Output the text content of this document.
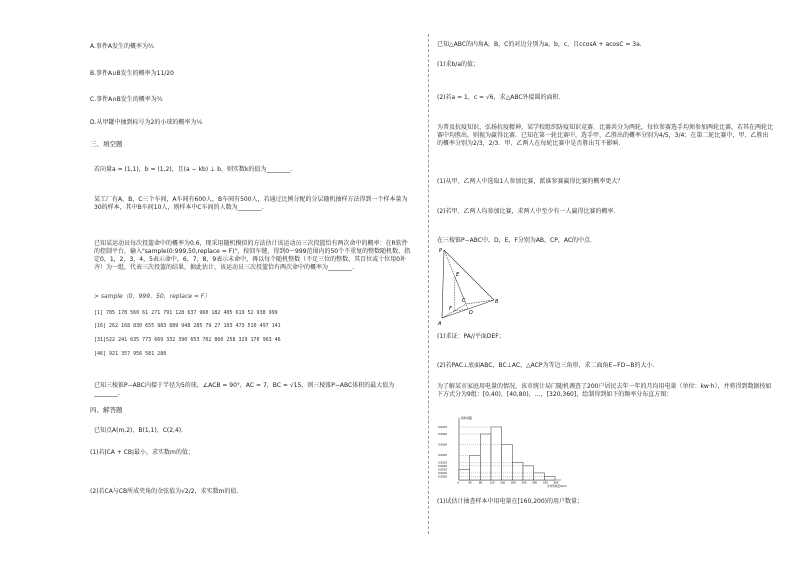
A.事件A发生的概率为⅖
B.事件A∪B发生的概率为11/20
C.事件A∩B发生的概率为⅖
D.从甲罐中抽到标号为2的小球的概率为⅕
三、填空题
若向量a = (1,1)，b = (1,2)，且(a − kb) ⊥ b，则实数k的值为________.
某工厂有A，B，C三个车间，A车间有600人，B车间有500人，若通过比例分配的分层随机抽样方法得到一个样本量为30的样本，其中B车间10人，则样本中C车间的人数为________.
已知某运动员每次投篮命中的概率为0.6，现采用随机模拟的方法估计该运动员三次投篮恰有两次命中的概率：在R软件的控制平台，输入"sample(0:999,50,replace = F)"，按回车键，得到0～999范围内的50个不重复的整数随机数，指定0，1，2，3，4，5表示命中，6，7，8，9表示未命中，再以每个随机整数（不足三位的整数，其百位或十位用0补齐）为一组，代表三次投篮的结果，据此估计，该运动员三次投篮恰有两次命中的概率为________.
> sample（0，999，50，replace = F）
[1] 785 178 560 61 271 791 128 637 960 182 405 619 52 938 999
[16] 262 168 830 655 983 889 948 285 79 27 103 473 510 497 141
[31]522 241 635 773 669 332 390 653 702 860 258 329 170 963 46
[46] 921 357 956 581 280
已知三棱锥P−ABC内接于半径为5的球，∠ACB = 90°，AC = 7，BC = √15，则三棱锥P−ABC体积的最大值为________.
四、解答题
已知点A(m,2)，B(1,1)，C(2,4)．
(1)若|CA + CB|最小，求实数m的值；
(2)若CA与CB所成夹角的余弦值为√2/2，求实数m的值．
已知△ABC的内角A，B，C的对边分别为a，b，c，且ccosA + acosC = 3a.
(1)求b/a的值；
(2)若a = 1，c = √6，求△ABC外接圆的面积．
为普及抗疫知识、弘扬抗疫精神，某学校组织防疫知识竞赛．比赛共分为两轮，每位参赛选手均须参加两轮比赛，若其在两轮比赛中均胜出，则视为赢得比赛．已知在第一轮比赛中，选手甲、乙胜出的概率分别为4/5，3/4；在第二轮比赛中，甲、乙胜出的概率分别为2/3，2/3．甲、乙两人在每轮比赛中是否胜出互不影响．
(1)从甲、乙两人中选取1人参加比赛，派谁参赛赢得比赛的概率更大？
(2)若甲、乙两人均参加比赛，求两人中至少有一人赢得比赛的概率．
在三棱锥P−ABC中，D，E，F分别为AB，CP，AC的中点．
P
E
C
F
D
B
A
(1)求证：PA//平面DEF；
(2)若PAC⊥底面ABC，BC⊥AC，△ACP为等边三角形，求二面角E−FD−B的大小．
为了解某市家庭用电量的情况，该市统计局门随机调查了200户居民去年一年的月均用电量（单位：kw·h），并将得到数据按如下方式分为9组：[0,40)，[40,80)，…，[320,360]，绘制得到如下的频率分布直方图：
频率/组距
月均用电量/kw·h
0.0075
0.0065
0.0050
0.0035
0.0025
0.0020
0.0015
0.0010
0.0005
0	40	80	120 160 200 240 280 320 360
(1)试估计抽查样本中用电量在[160,200)的用户数量；
